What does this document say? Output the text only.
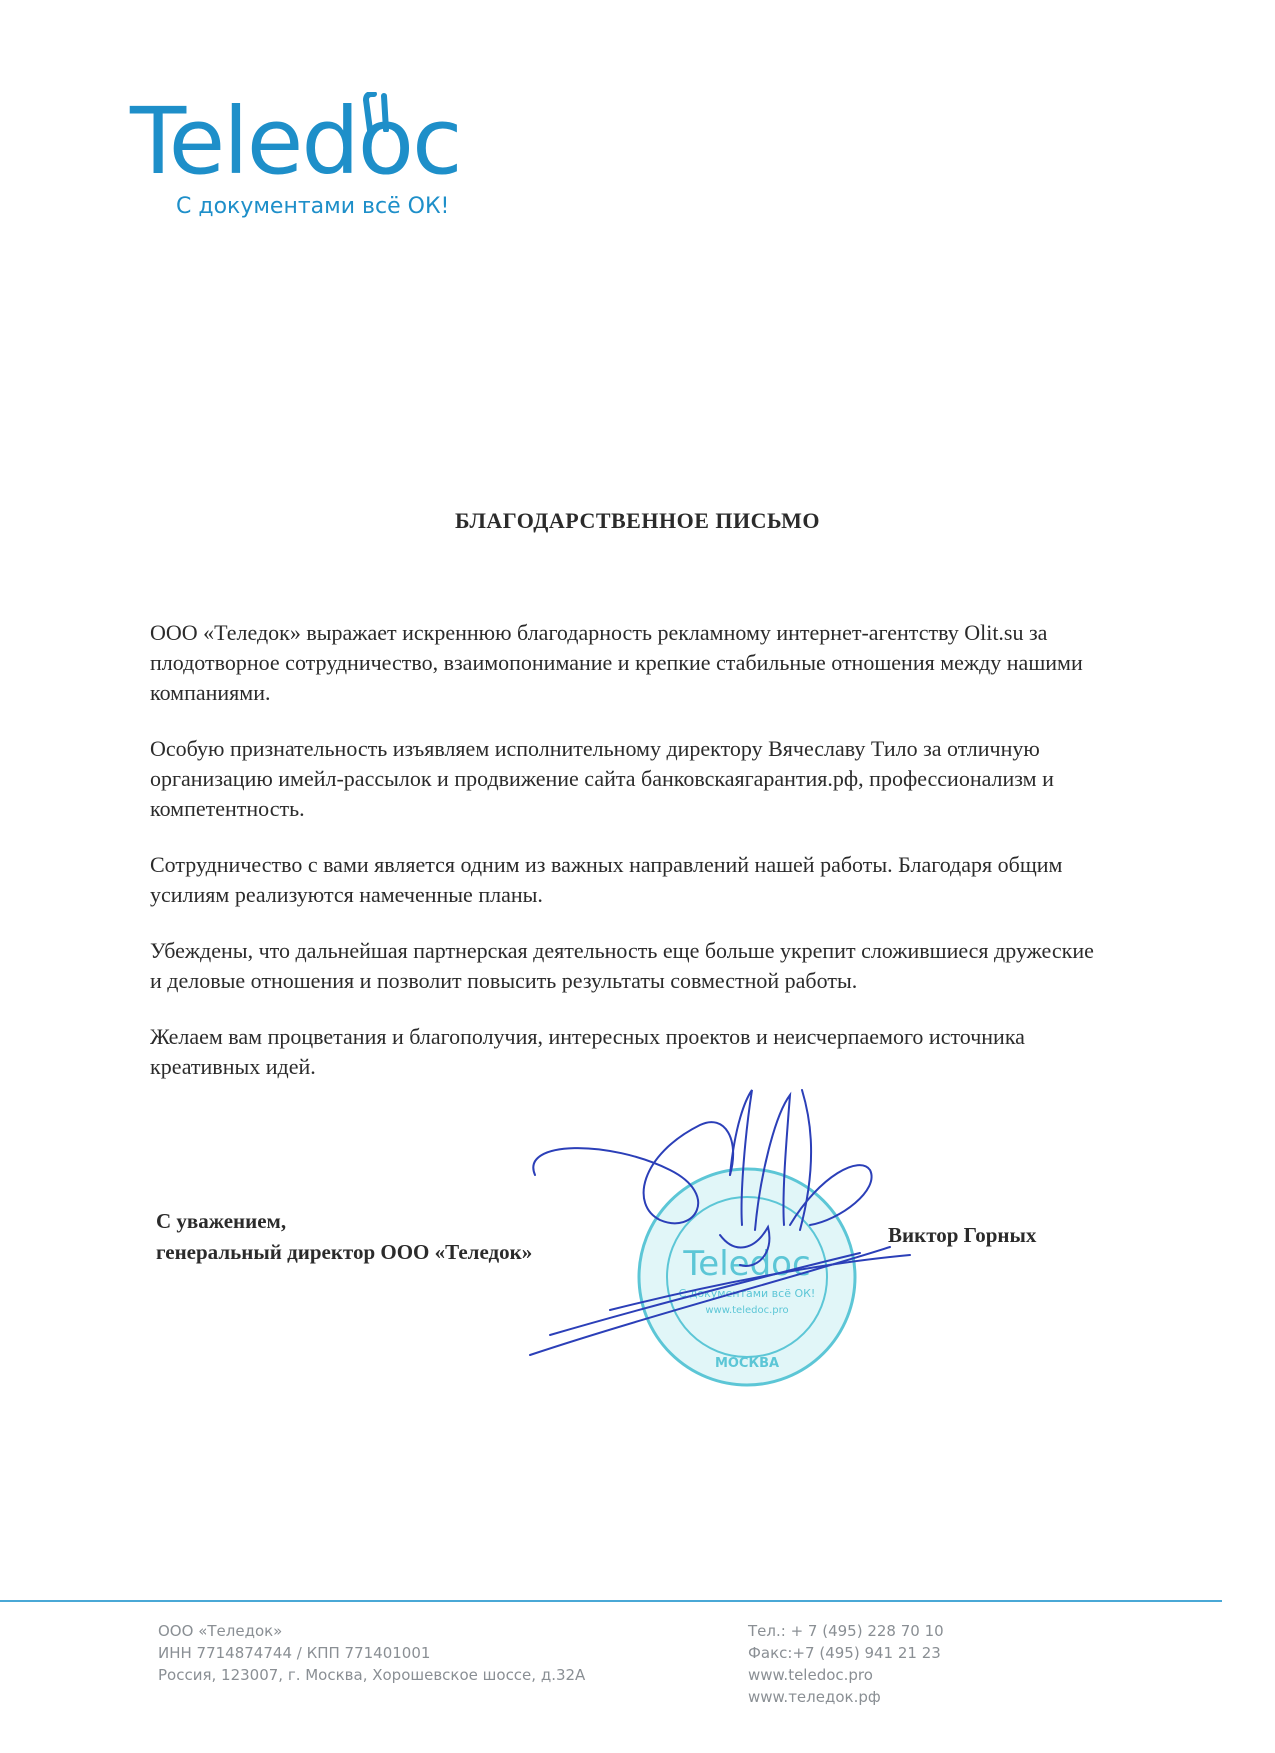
Teledoc
С документами всё ОК!
БЛАГОДАРСТВЕННОЕ ПИСЬМО

ООО «Теледок» выражает искреннюю благодарность рекламному интернет-агентству Olit.su за плодотворное сотрудничество, взаимопонимание и крепкие стабильные отношения между нашими компаниями.

Особую признательность изъявляем исполнительному директору Вячеславу Тило за отличную организацию имейл-рассылок и продвижение сайта банковскаягарантия.рф, профессионализм и компетентность.

Сотрудничество с вами является одним из важных направлений нашей работы. Благодаря общим усилиям реализуются намеченные планы.

Убеждены, что дальнейшая партнерская деятельность еще больше укрепит сложившиеся дружеские и деловые отношения и позволит повысить результаты совместной работы.

Желаем вам процветания и благополучия, интересных проектов и неисчерпаемого источника креативных идей.

Teledoc
С документами всё ОК!
www.teledoc.pro
МОСКВА
С уважением,
генеральный директор ООО «Теледок»
Виктор Горных
ООО «Теледок»
ИНН 7714874744 / КПП 771401001
Россия, 123007, г. Москва, Хорошевское шоссе, д.32А
Тел.: + 7 (495) 228 70 10
Факс:+7 (495) 941 21 23
www.teledoc.pro
www.теледок.рф
